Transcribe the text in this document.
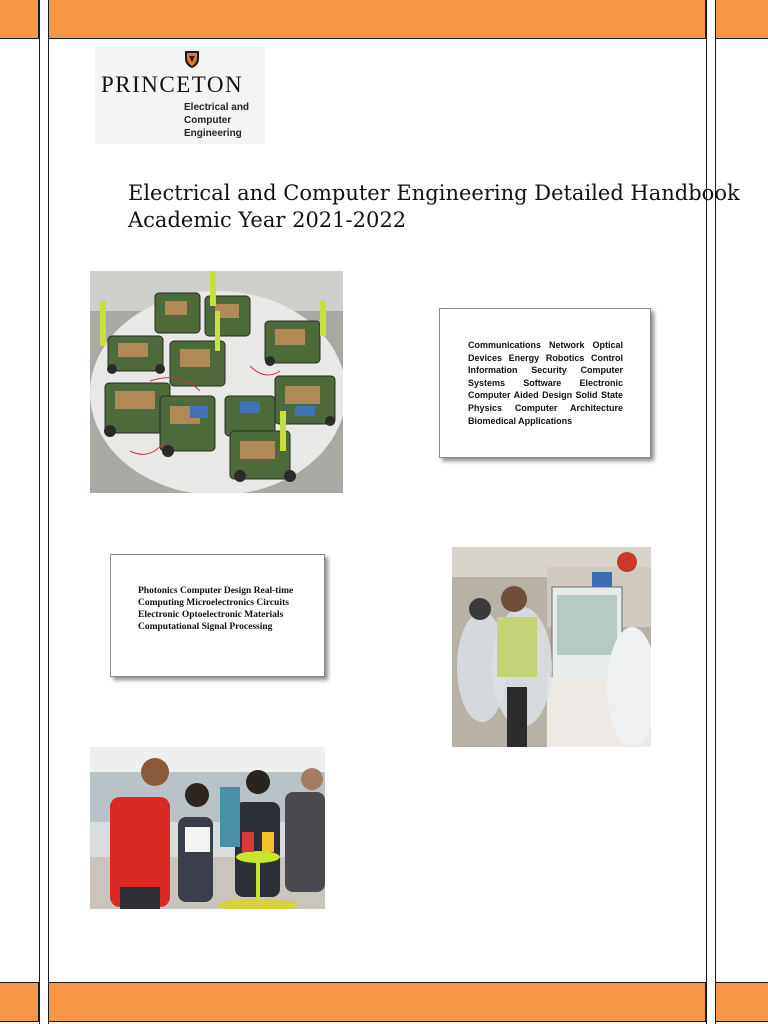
PRINCETON
Electrical and
Computer
Engineering
Electrical and Computer Engineering Detailed Handbook
Academic Year 2021-2022

Communications Network Optical Devices Energy Robotics Control Information Security Computer Systems Software Electronic Computer Aided Design Solid State Physics Computer Architecture Biomedical Applications

Photonics Computer Design Real-time Computing Microelectronics Circuits Electronic Optoelectronic Materials Computational Signal Processing
